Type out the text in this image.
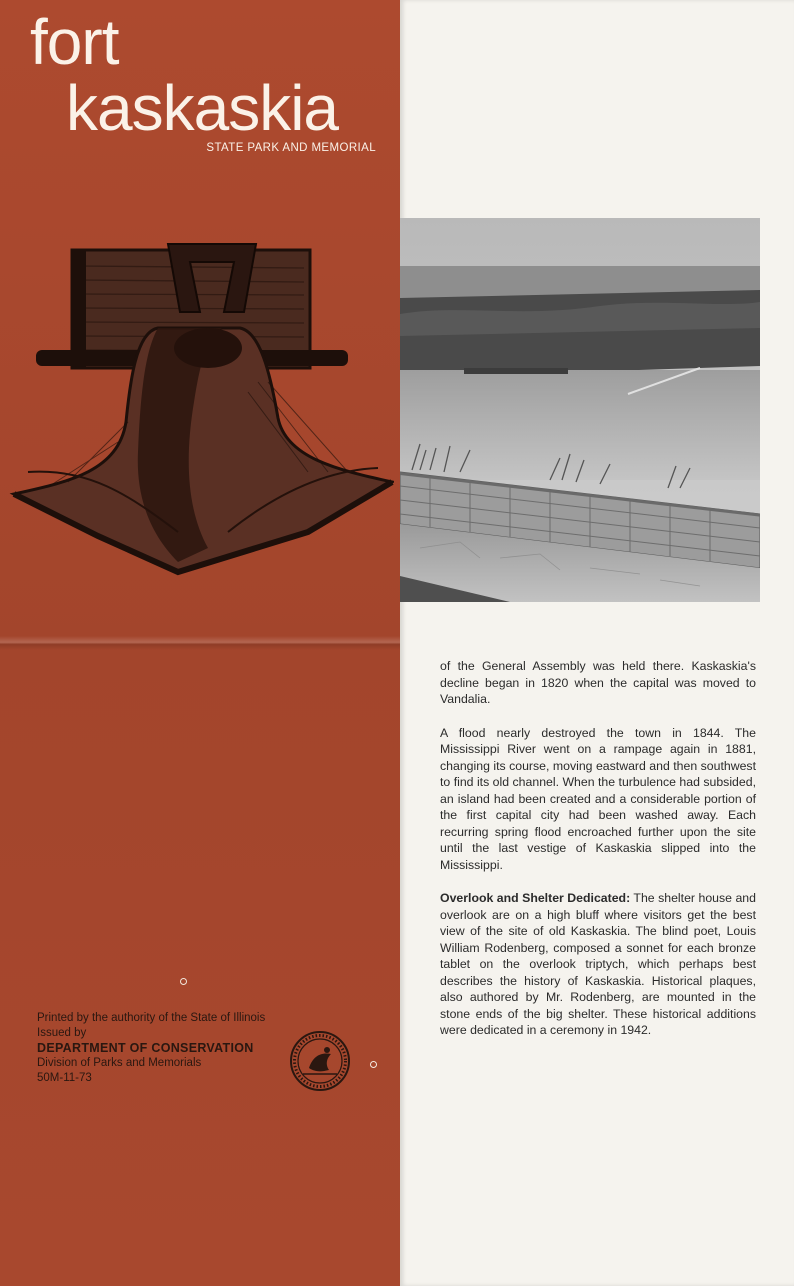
fort
kaskaskia
STATE PARK AND MEMORIAL
Printed by the authority of the State of Illinois
Issued by
DEPARTMENT OF CONSERVATION
Division of Parks and Memorials
50M-11-73

of the General Assembly was held there. Kaskaskia's decline began in 1820 when the capital was moved to Vandalia.

A flood nearly destroyed the town in 1844. The Mississippi River went on a rampage again in 1881, changing its course, moving eastward and then southwest to find its old channel. When the turbulence had subsided, an island had been created and a considerable portion of the first capital city had been washed away. Each recurring spring flood encroached further upon the site until the last vestige of Kaskaskia slipped into the Mississippi.

Overlook and Shelter Dedicated: The shelter house and overlook are on a high bluff where visitors get the best view of the site of old Kaskaskia. The blind poet, Louis William Rodenberg, composed a sonnet for each bronze tablet on the overlook triptych, which perhaps best describes the history of Kaskaskia. Historical plaques, also authored by Mr. Rodenberg, are mounted in the stone ends of the big shelter. These historical additions were dedicated in a ceremony in 1942.
